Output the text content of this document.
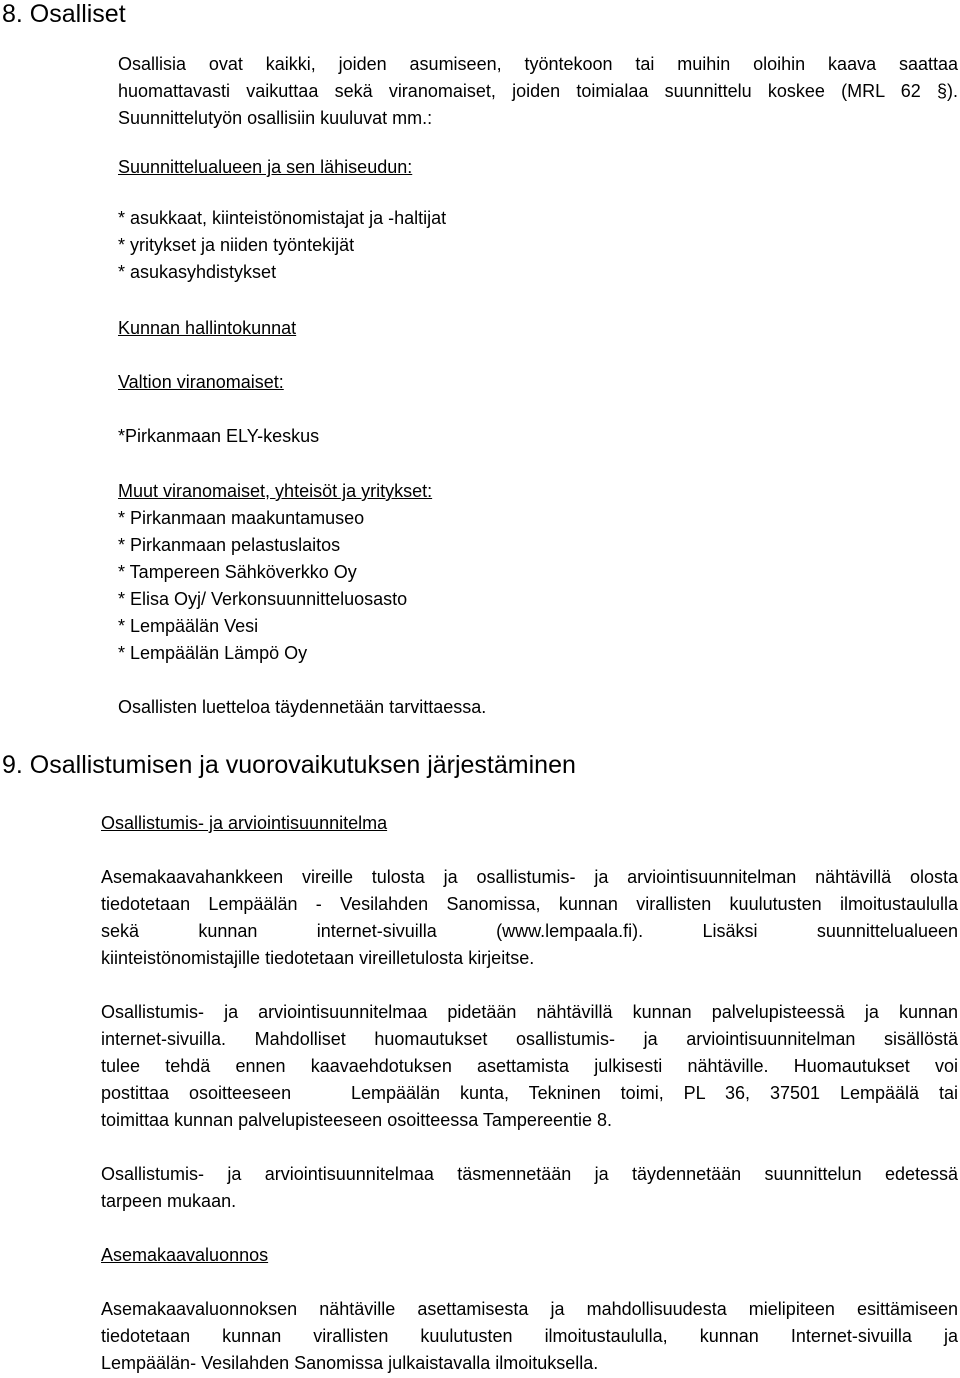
8. Osalliset
Osallisia ovat kaikki, joiden asumiseen, työntekoon tai muihin oloihin kaava saattaa
huomattavasti vaikuttaa sekä viranomaiset, joiden toimialaa suunnittelu koskee (MRL 62 §).
Suunnittelutyön osallisiin kuuluvat mm.:
Suunnittelualueen ja sen lähiseudun:
* asukkaat, kiinteistönomistajat ja -haltijat
* yritykset ja niiden työntekijät
* asukasyhdistykset
Kunnan hallintokunnat
Valtion viranomaiset:
*Pirkanmaan ELY-keskus
Muut viranomaiset, yhteisöt ja yritykset:
* Pirkanmaan maakuntamuseo
* Pirkanmaan pelastuslaitos
* Tampereen Sähköverkko Oy
* Elisa Oyj/ Verkonsuunnitteluosasto
* Lempäälän Vesi
* Lempäälän Lämpö Oy
Osallisten luetteloa täydennetään tarvittaessa.
9. Osallistumisen ja vuorovaikutuksen järjestäminen
Osallistumis- ja arviointisuunnitelma
Asemakaavahankkeen vireille tulosta ja osallistumis- ja arviointisuunnitelman nähtävillä olosta
tiedotetaan Lempäälän - Vesilahden Sanomissa, kunnan virallisten kuulutusten ilmoitustaululla
sekä kunnan internet-sivuilla (www.lempaala.fi). Lisäksi suunnittelualueen
kiinteistönomistajille tiedotetaan vireilletulosta kirjeitse.
Osallistumis- ja arviointisuunnitelmaa pidetään nähtävillä kunnan palvelupisteessä ja kunnan
internet-sivuilla. Mahdolliset huomautukset osallistumis- ja arviointisuunnitelman sisällöstä
tulee tehdä ennen kaavaehdotuksen asettamista julkisesti nähtäville. Huomautukset voi
postittaa osoitteeseen   Lempäälän kunta, Tekninen toimi, PL 36, 37501 Lempäälä tai
toimittaa kunnan palvelupisteeseen osoitteessa Tampereentie 8.
Osallistumis- ja arviointisuunnitelmaa täsmennetään ja täydennetään suunnittelun edetessä
tarpeen mukaan.
Asemakaavaluonnos
Asemakaavaluonnoksen nähtäville asettamisesta ja mahdollisuudesta mielipiteen esittämiseen
tiedotetaan kunnan virallisten kuulutusten ilmoitustaululla, kunnan Internet-sivuilla ja
Lempäälän- Vesilahden Sanomissa julkaistavalla ilmoituksella.
